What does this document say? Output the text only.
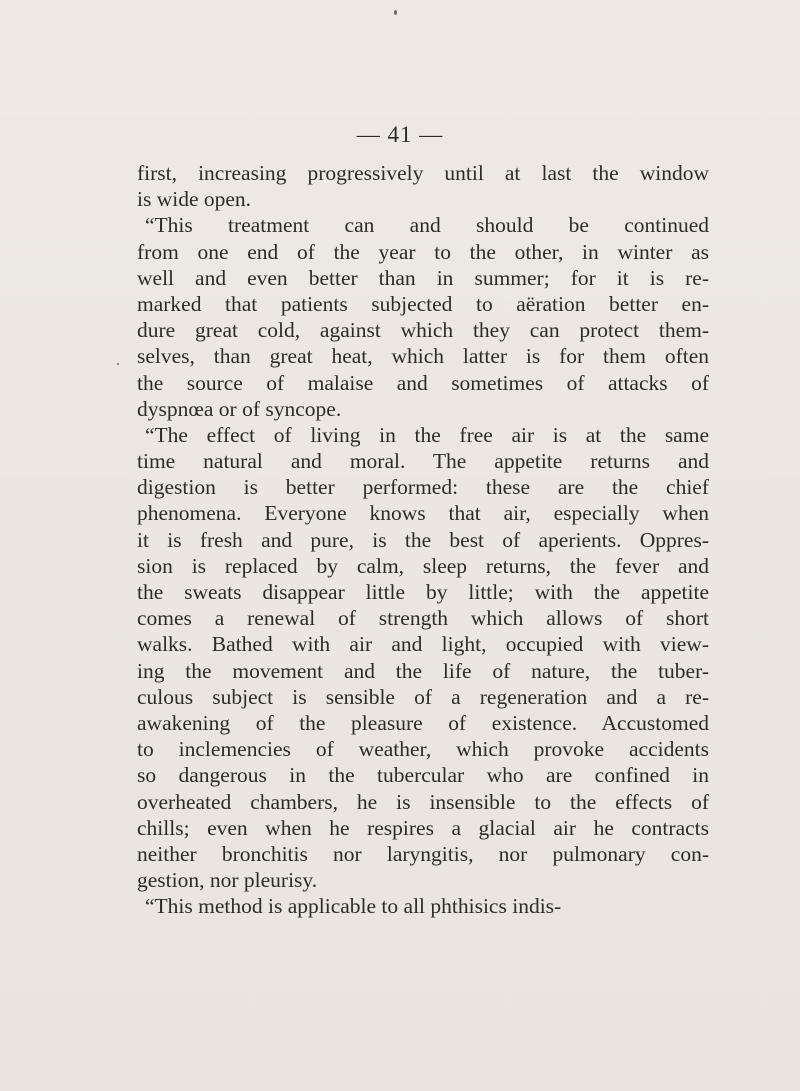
— 41 —
first, increasing progressively until at last the window
is wide open.
“This treatment can and should be continued
from one end of the year to the other, in winter as
well and even better than in summer; for it is re-
marked that patients subjected to aëration better en-
dure great cold, against which they can protect them-
selves, than great heat, which latter is for them often
the source of malaise and sometimes of attacks of
dyspnœa or of syncope.
“The effect of living in the free air is at the same
time natural and moral. The appetite returns and
digestion is better performed: these are the chief
phenomena. Everyone knows that air, especially when
it is fresh and pure, is the best of aperients. Oppres-
sion is replaced by calm, sleep returns, the fever and
the sweats disappear little by little; with the appetite
comes a renewal of strength which allows of short
walks. Bathed with air and light, occupied with view-
ing the movement and the life of nature, the tuber-
culous subject is sensible of a regeneration and a re-
awakening of the pleasure of existence. Accustomed
to inclemencies of weather, which provoke accidents
so dangerous in the tubercular who are confined in
overheated chambers, he is insensible to the effects of
chills; even when he respires a glacial air he contracts
neither bronchitis nor laryngitis, nor pulmonary con-
gestion, nor pleurisy.
“This method is applicable to all phthisics indis-
